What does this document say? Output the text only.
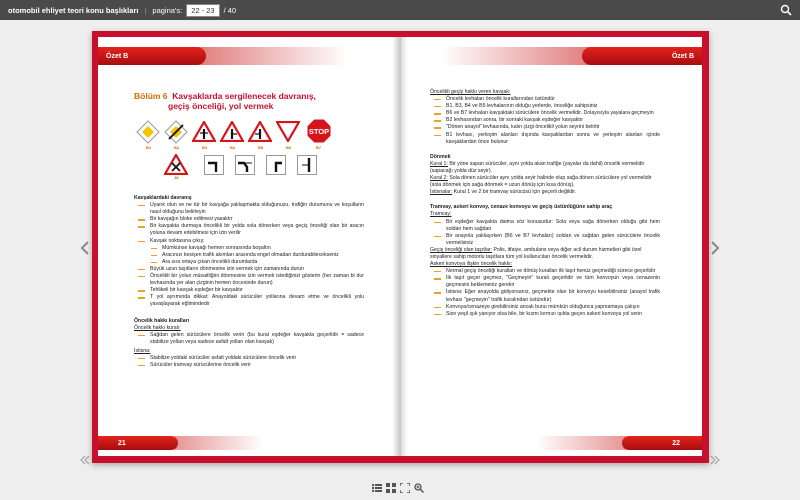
otomobil ehliyet teori konu başlıkları | pagina's:	22 - 23	/ 40
Özet B
Bölüm 6 Kavşaklarda sergilenecek davranış,
geçiş önceliği, yol vermek
STOP
B1	B2	B3	B4	B5	B6	B7
J8
Kavşaklardaki davranış
Uyarık olun ve ne tür bir kavşağa yaklaşmakta olduğunuzu, trafiğin durumunu ve koşulların nasıl olduğunu belirleyin
Bir kavşağın bloke edilmesi yasaktır
Bir kavşakta durmaya öncelikli bir yolda sola dönerken veya geçiş önceliği olan bir aracın yoluna devam edebilmesi için izin verilir
Kavşak noktasına çıkış:
Mümkünse kavşağı hemen sonrasında boşaltın
Aracınızı kesişen trafik akımları arasında engel olmadan durdurabilecekseniz
Ara sıra ortaya çıkan öncelikli durumlarda
Büyük uzun taşıtların dönmesine izin vermek için zamanında durun
Öncelikli bir yolun müsaitliğini dönmesine izin vermek istediğinizi gösterin (her zaman bi dur levhasında yer alan çizginin hemen öncesinde durun)
Tehlikeli bir kavşak eşdeğer bir kavşaktır
T yol ayrımında dikkat: Anayoldaki sürücüler yollarına devam etme ve öncelikli yolu yavaşlayarak eğlimindedir
Öncelik hakkı kuralları
Öncelik hakkı kuralı:
Sağdan gelen sürücülere öncelik verin (bu kural eşdeğer kavşakta geçerlidir = sadece stabilize yollan veya sadece asfalt yolları olan kavşak)
İstisna:
Stabilize yoldaki sürücüler asfalt yoldaki sürücülere öncelik verir
Sürücüler tramvay sürücülerine öncelik verir
21
Özet B
Öncelikli geçiş hakkı veren kavşak:
Öncelik levhaları öncelik kurallarından üstündür
B1, B3, B4 ve B5 levhalarının olduğu yerlerde, önceliğe sahipsiniz
B6 ve B7 levhaları kavşaktaki sürücülere öncelik vermelidir. Dolayısıyla yayalara geçmeyin
B2 levhasından sonra, bir sonraki kavşak eşdeğer kavşaktır
"Dönen anayol" levhasında, kalın çizgi öncelikli yolun seyrini belirtir
B1 levhası, yerleşim alanları dışında kavşaklardan sonra ve yerleşim alanları içinde kavşaklardan önce bulunur
Dönmek
Kural 1: Bir yöne sapan sürücüler, aynı yolda akan trafiğe (yayalar da dahil) öncelik vermelidir (sapacağı yolda düz seyir).
Kural 2: Sola dönen sürücüler aynı yolda seyir halinde olup sağa dönen sürücülere yol vermelidir (sola dönmek için sağa dönmek = uzun dönüş için kısa dönüş).
İstisnalar: Kural 1 ve 2 bir tramvay sürücüsü için geçerli değildir.
Tramvay, askeri konvoy, cenaze konvoyu ve geçiş üstünlüğüne sahip araç
Tramvay:
Bir eşdeğer kavşakta daima söz konusudur: Sola veya sağa dönerken olduğu gibi hem soldan hem sağdan
Bir anayola yaklaşırken (B6 ve B7 levhaları) soldan ve sağdan gelen sürücülere öncelik vermelisiniz
Geçiş önceliği olan taşıtlar: Polis, itfaiye, ambulans veya diğer acil durum hizmetleri gibi özel sinyallere sahip motorlu taşıtlara tüm yol kullanıcıları öncelik vermelidir.
Askeri konvoya ilişkin öncelik hakkı:
Normal geçiş önceliği kuralları ve dönüş kuralları ilk taşıt henüz geçmediği sürece geçerlidir
İlk taşıt geçer geçmez, "Geçmeyin" kuralı geçerlidir ve tüm konvoyun veya cenazenin geçmesini beklemeniz gerekir
İstisna: Eğer anayolda gidiyorsanız, geçmekte olan bir konvoyu kesebilirsiniz (anayol trafik levhası "geçmeyin" trafik kuralından üstündür)
Konvoya/cenazeye girebilirsiniz ancak bunu mümkün olduğunca yapmamaya çalışın
Size yeşil ışık yanıyor olsa bile, bir kısmı kırmızı ışıkta geçen askeri konvoya yol verin
22
